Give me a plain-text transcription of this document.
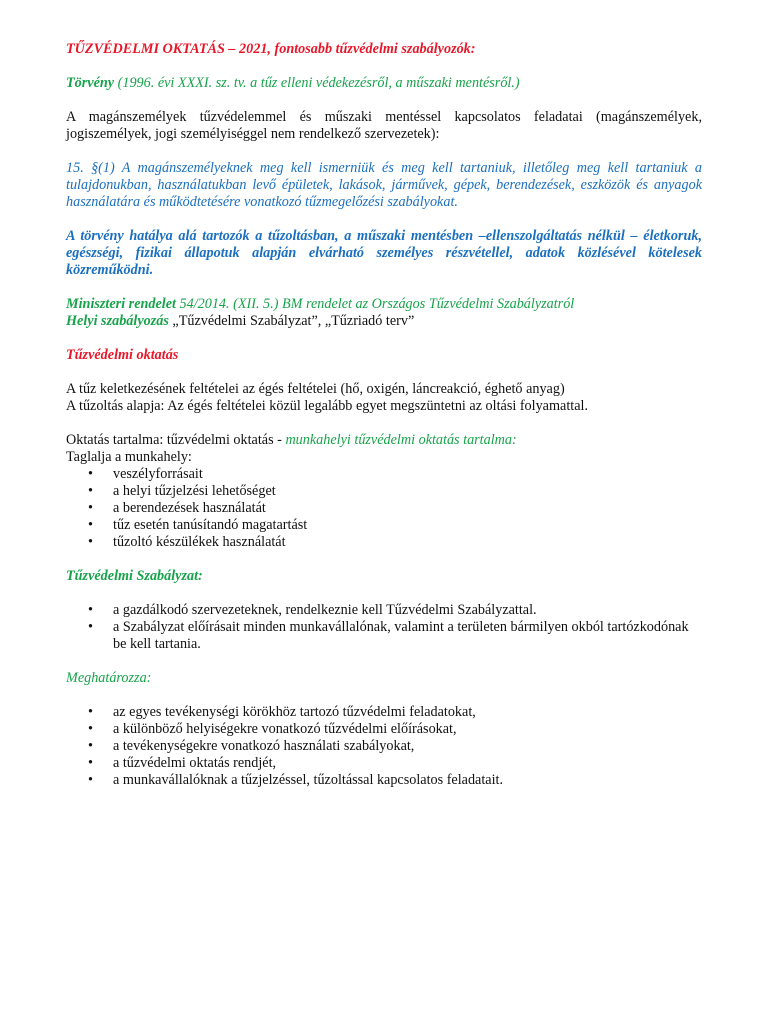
TŰZVÉDELMI OKTATÁS – 2021, fontosabb tűzvédelmi szabályozók:

Törvény (1996. évi XXXI. sz. tv. a tűz elleni védekezésről, a műszaki mentésről.)

A magánszemélyek tűzvédelemmel és műszaki mentéssel kapcsolatos feladatai (magánszemélyek, jogiszemélyek, jogi személyiséggel nem rendelkező szervezetek):

15. §(1) A magánszemélyeknek meg kell ismerniük és meg kell tartaniuk, illetőleg meg kell tartaniuk a tulajdonukban, használatukban levő épületek, lakások, járművek, gépek, berendezések, eszközök és anyagok használatára és működtetésére vonatkozó tűzmegelőzési szabályokat.

A törvény hatálya alá tartozók a tűzoltásban, a műszaki mentésben –ellenszolgáltatás nélkül – életkoruk, egészségi, fizikai állapotuk alapján elvárható személyes részvétellel, adatok közlésével kötelesek közreműködni.

Miniszteri rendelet 54/2014. (XII. 5.) BM rendelet az Országos Tűzvédelmi Szabályzatról

Helyi szabályozás „Tűzvédelmi Szabályzat”, „Tűzriadó terv”

Tűzvédelmi oktatás

A tűz keletkezésének feltételei az égés feltételei (hő, oxigén, láncreakció, éghető anyag)

A tűzoltás alapja: Az égés feltételei közül legalább egyet megszüntetni az oltási folyamattal.

Oktatás tartalma: tűzvédelmi oktatás - munkahelyi tűzvédelmi oktatás tartalma:

Taglalja a munkahely:

• veszélyforrásait
• a helyi tűzjelzési lehetőséget
• a berendezések használatát
• tűz esetén tanúsítandó magatartást
• tűzoltó készülékek használatát

Tűzvédelmi Szabályzat:

• a gazdálkodó szervezeteknek, rendelkeznie kell Tűzvédelmi Szabályzattal.
• a Szabályzat előírásait minden munkavállalónak, valamint a területen bármilyen okból tartózkodónak be kell tartania.

Meghatározza:

• az egyes tevékenységi körökhöz tartozó tűzvédelmi feladatokat,
• a különböző helyiségekre vonatkozó tűzvédelmi előírásokat,
• a tevékenységekre vonatkozó használati szabályokat,
• a tűzvédelmi oktatás rendjét,
• a munkavállalóknak a tűzjelzéssel, tűzoltással kapcsolatos feladatait.
